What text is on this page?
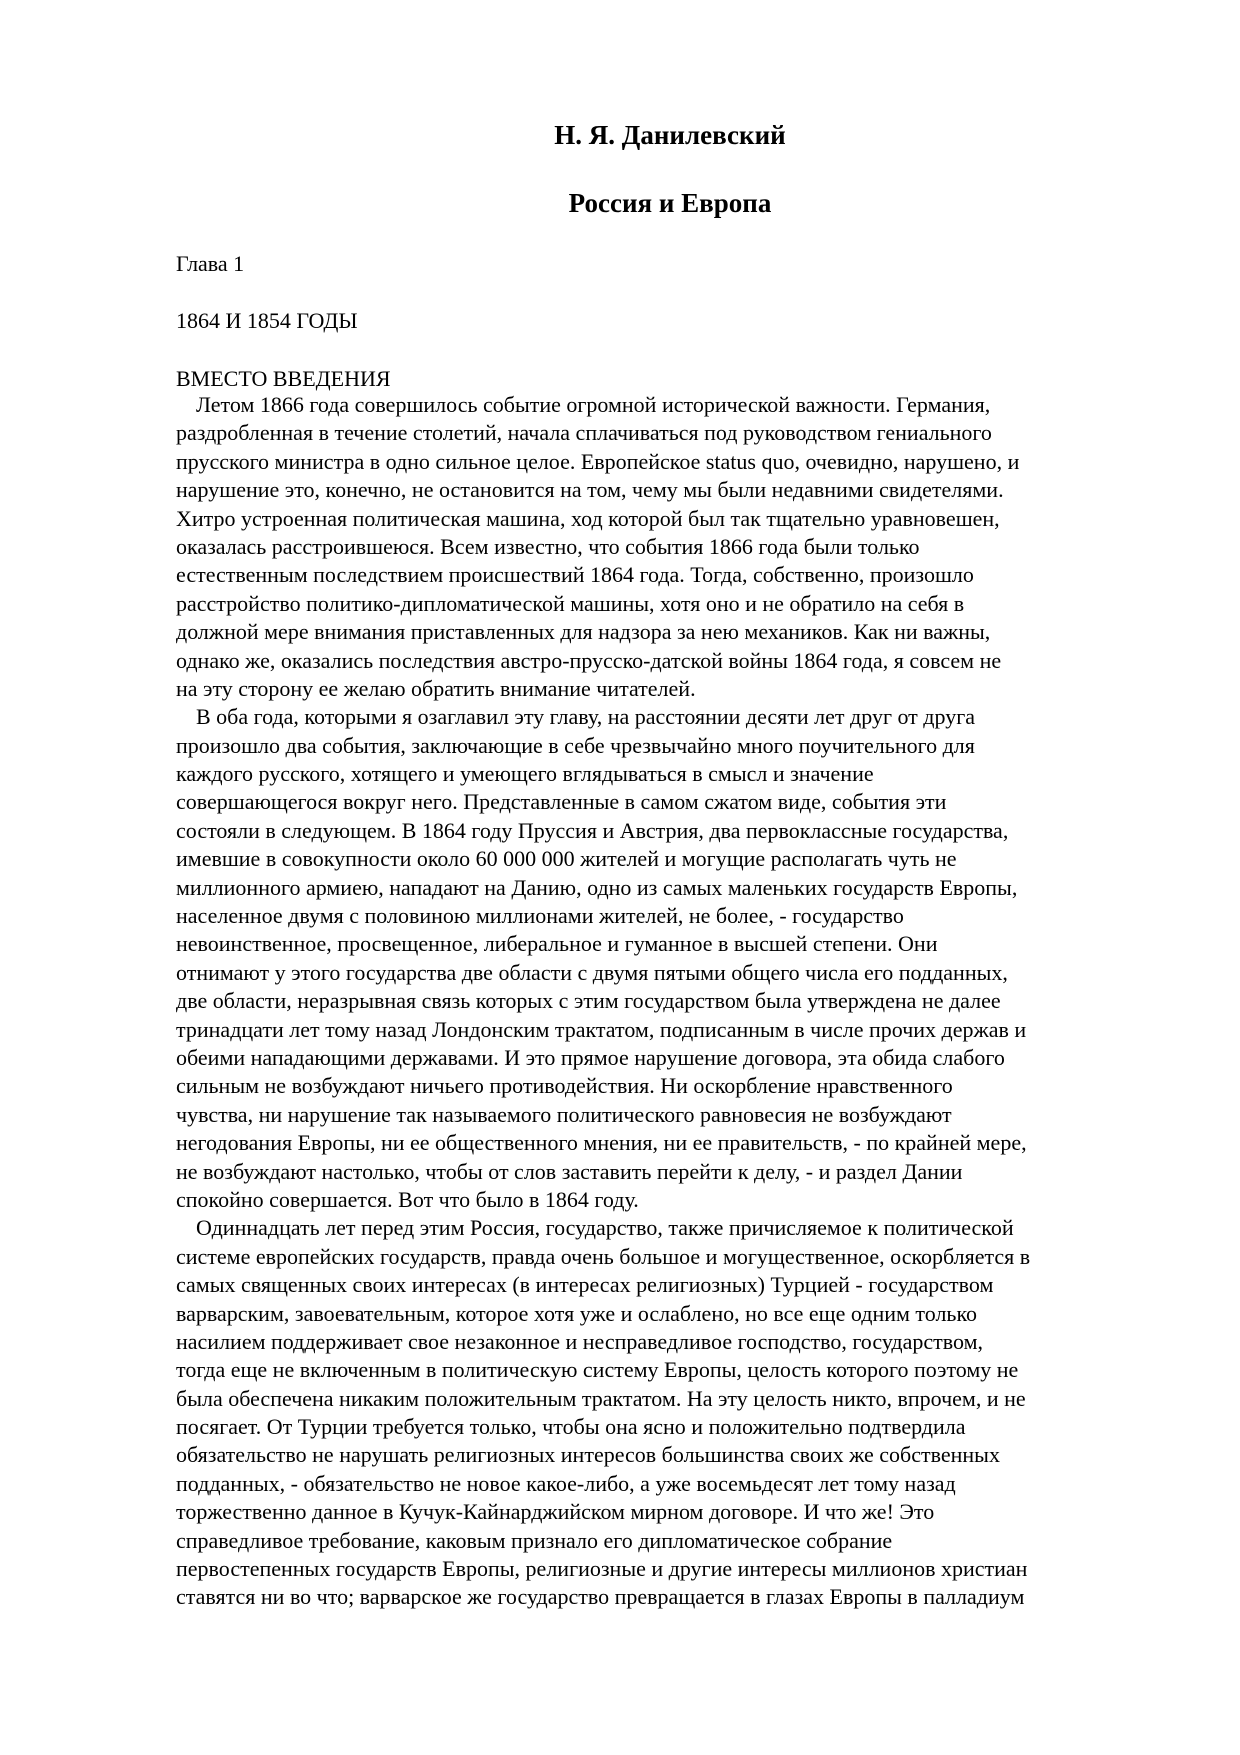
Н. Я. Данилевский
Россия и Европа
Глава 1
1864 И 1854 ГОДЫ
ВМЕСТО ВВЕДЕНИЯ
Летом 1866 года совершилось событие огромной исторической важности. Германия,
раздробленная в течение столетий, начала сплачиваться под руководством гениального
прусского министра в одно сильное целое. Европейское status quo, очевидно, нарушено, и
нарушение это, конечно, не остановится на том, чему мы были недавними свидетелями.
Хитро устроенная политическая машина, ход которой был так тщательно уравновешен,
оказалась расстроившеюся. Всем известно, что события 1866 года были только
естественным последствием происшествий 1864 года. Тогда, собственно, произошло
расстройство политико-дипломатической машины, хотя оно и не обратило на себя в
должной мере внимания приставленных для надзора за нею механиков. Как ни важны,
однако же, оказались последствия австро-прусско-датской войны 1864 года, я совсем не
на эту сторону ее желаю обратить внимание читателей.
В оба года, которыми я озаглавил эту главу, на расстоянии десяти лет друг от друга
произошло два события, заключающие в себе чрезвычайно много поучительного для
каждого русского, хотящего и умеющего вглядываться в смысл и значение
совершающегося вокруг него. Представленные в самом сжатом виде, события эти
состояли в следующем. В 1864 году Пруссия и Австрия, два первоклассные государства,
имевшие в совокупности около 60 000 000 жителей и могущие располагать чуть не
миллионного армиею, нападают на Данию, одно из самых маленьких государств Европы,
населенное двумя с половиною миллионами жителей, не более, - государство
невоинственное, просвещенное, либеральное и гуманное в высшей степени. Они
отнимают у этого государства две области с двумя пятыми общего числа его подданных,
две области, неразрывная связь которых с этим государством была утверждена не далее
тринадцати лет тому назад Лондонским трактатом, подписанным в числе прочих держав и
обеими нападающими державами. И это прямое нарушение договора, эта обида слабого
сильным не возбуждают ничьего противодействия. Ни оскорбление нравственного
чувства, ни нарушение так называемого политического равновесия не возбуждают
негодования Европы, ни ее общественного мнения, ни ее правительств, - по крайней мере,
не возбуждают настолько, чтобы от слов заставить перейти к делу, - и раздел Дании
спокойно совершается. Вот что было в 1864 году.
Одиннадцать лет перед этим Россия, государство, также причисляемое к политической
системе европейских государств, правда очень большое и могущественное, оскорбляется в
самых священных своих интересах (в интересах религиозных) Турцией - государством
варварским, завоевательным, которое хотя уже и ослаблено, но все еще одним только
насилием поддерживает свое незаконное и несправедливое господство, государством,
тогда еще не включенным в политическую систему Европы, целость которого поэтому не
была обеспечена никаким положительным трактатом. На эту целость никто, впрочем, и не
посягает. От Турции требуется только, чтобы она ясно и положительно подтвердила
обязательство не нарушать религиозных интересов большинства своих же собственных
подданных, - обязательство не новое какое-либо, а уже восемьдесят лет тому назад
торжественно данное в Кучук-Кайнарджийском мирном договоре. И что же! Это
справедливое требование, каковым признало его дипломатическое собрание
первостепенных государств Европы, религиозные и другие интересы миллионов христиан
ставятся ни во что; варварское же государство превращается в глазах Европы в палладиум
